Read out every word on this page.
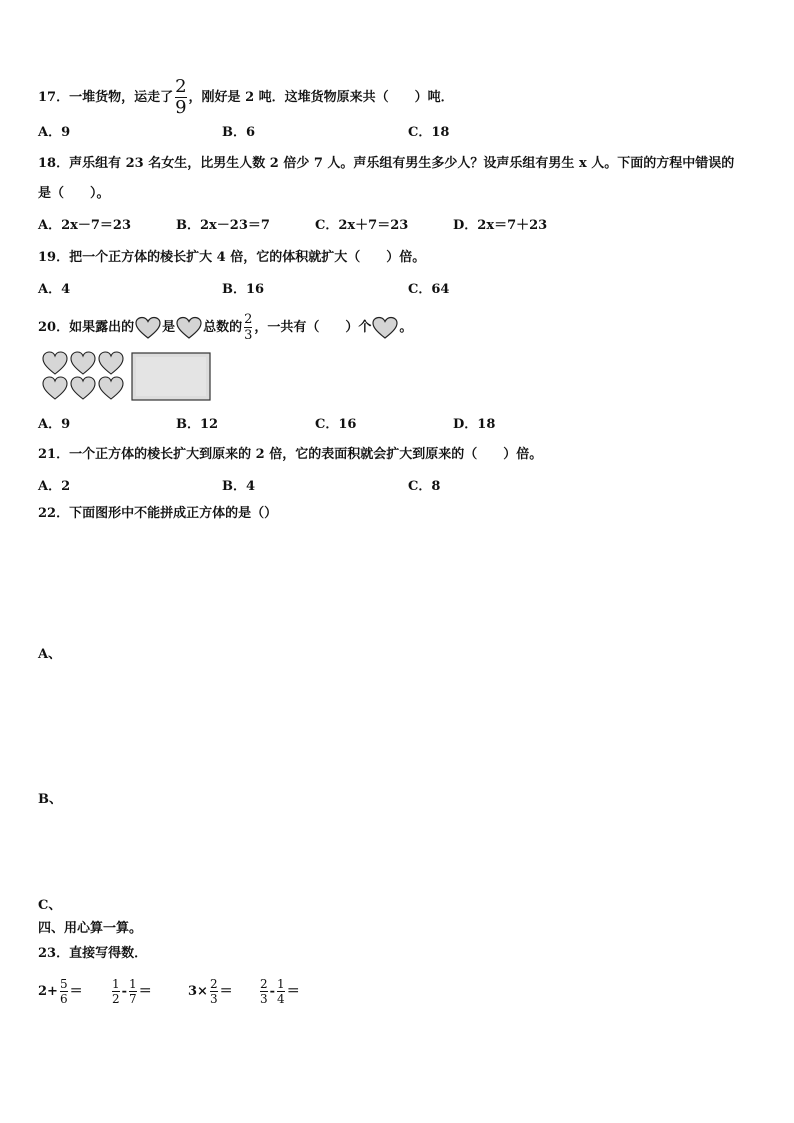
17．一堆货物，运走了 $\frac{2}{9}$ ，刚好是 2 吨．这堆货物原来共（　　）吨．
A．9	B．6	C．18
18．声乐组有 23 名女生，比男生人数 2 倍少 7 人。声乐组有男生多少人？设声乐组有男生 x 人。下面的方程中错误的
是（　　）。
A．2x－7＝23	B．2x－23＝7	C．2x＋7＝23	D．2x＝7＋23
19．把一个正方体的棱长扩大 4 倍，它的体积就扩大（　　）倍。
A．4	B．16	C．64
20．如果露出的 是 总数的 $\frac{2}{3}$ ，一共有（　　）个 。
A．9	B．12	C．16	D．18
21．一个正方体的棱长扩大到原来的 2 倍，它的表面积就会扩大到原来的（　　）倍。
A．2	B．4	C．8
22．下面图形中不能拼成正方体的是（）
A、
B、
C、
四、用心算一算。
23．直接写得数．
$2+ \frac{5}{6} = \frac{1}{2} - \frac{1}{7}$ ＝	$3\times \frac{2}{3} = \frac{2}{3} - \frac{1}{4}$ ＝
